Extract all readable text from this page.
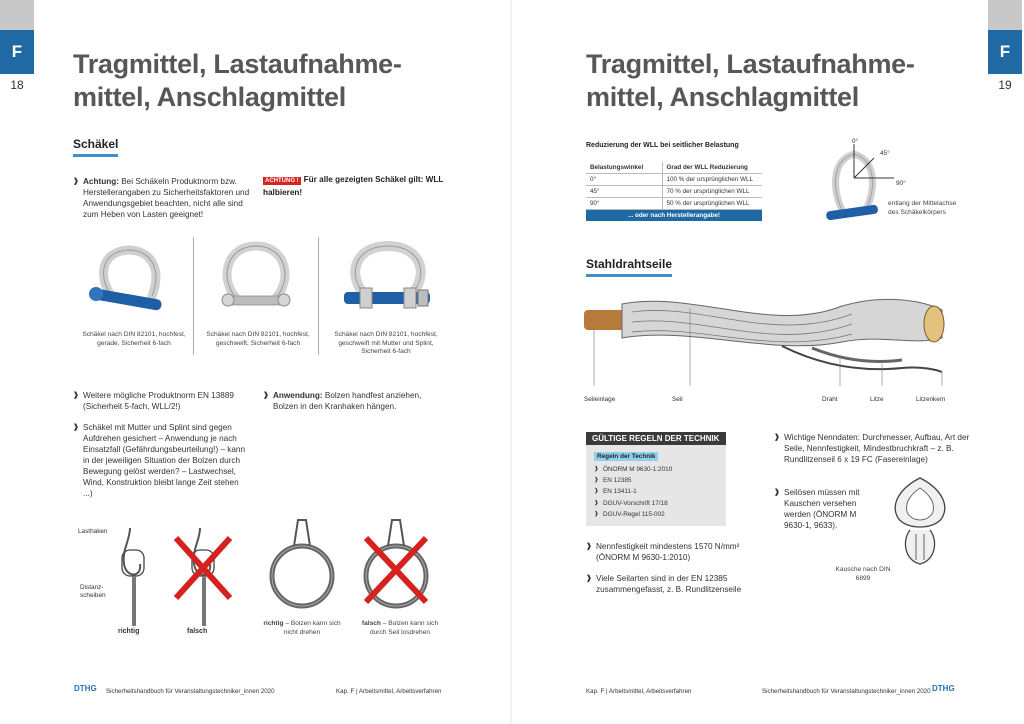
F
18
Tragmittel, Lastaufnahme-
mittel, Anschlagmittel
Schäkel
❱ Achtung: Bei Schäkeln Produktnorm bzw. Herstellerangaben zu Sicherheitsfaktoren und Anwendungsgebiet beachten, nicht alle sind zum Heben von Lasten geeignet!
ACHTUNG ! Für alle gezeigten Schäkel gilt: WLL halbieren!
Schäkel nach DIN 82101, hochfest, gerade, Sicherheit 6-fach
Schäkel nach DIN 82101, hochfest, geschweift, Sicherheit 6-fach
Schäkel nach DIN 82101, hochfest, geschweift mit Mutter und Splint, Sicherheit 6-fach
❱ Weitere mögliche Produktnorm EN 13889 (Sicherheit 5-fach, WLL/2!)
❱ Schäkel mit Mutter und Splint sind gegen Aufdrehen gesichert – Anwendung je nach Einsatzfall (Gefährdungsbeurteilung!) – kann in der jeweiligen Situation der Bolzen durch Bewegung gelöst werden? – Lastwechsel, Wind, Konstruktion bleibt lange Zeit stehen ...)
❱ Anwendung: Bolzen handfest anziehen, Bolzen in den Kranhaken hängen.
Lasthaken
Distanz-
scheiben
richtig	falsch
richtig – Bolzen kann sich nicht drehen
falsch – Bolzen kann sich durch Seil losdrehen
DTHG Sicherheitshandbuch für Veranstaltungstechniker_innen 2020	Kap. F | Arbeitsmittel, Arbeitsverfahren
F
19
Tragmittel, Lastaufnahme-
mittel, Anschlagmittel
Reduzierung der WLL bei seitlicher Belastung
Belastungswinkel	Grad der WLL Reduzierung
0°	100 % der ursprünglichen WLL
45°	70 % der ursprünglichen WLL
90°	50 % der ursprünglichen WLL
... oder nach Herstellerangabe!	
0°
45°
90°
entlang der Mittelachse des Schäkelkörpers
Stahldrahtseile
Seileinlage	Seil	Draht	Litze	Litzenkern
GÜLTIGE REGELN DER TECHNIK
Regeln der Technik
❱ ÖNORM M 9630-1:2010
❱ EN 12385
❱ EN 13411-1
❱ DGUV-Vorschrift 17/18
❱ DGUV-Regel 115-002
❱ Nennfestigkeit mindestens 1570 N/mm² (ÖNORM M 9630-1:2010)
❱ Viele Seilarten sind in der EN 12385 zusammengefasst, z. B. Rundlitzenseile
❱ Wichtige Nenndaten: Durchmesser, Aufbau, Art der Seile, Nennfestigkeit, Mindestbruchkraft – z. B. Rundlitzenseil 6 x 19 FC (Fasereinlage)
❱ Seilösen müssen mit Kauschen versehen werden (ÖNORM M 9630-1, 9633).
Kausche nach DIN 6899
Kap. F | Arbeitsmittel, Arbeitsverfahren	Sicherheitshandbuch für Veranstaltungstechniker_innen 2020 DTHG
